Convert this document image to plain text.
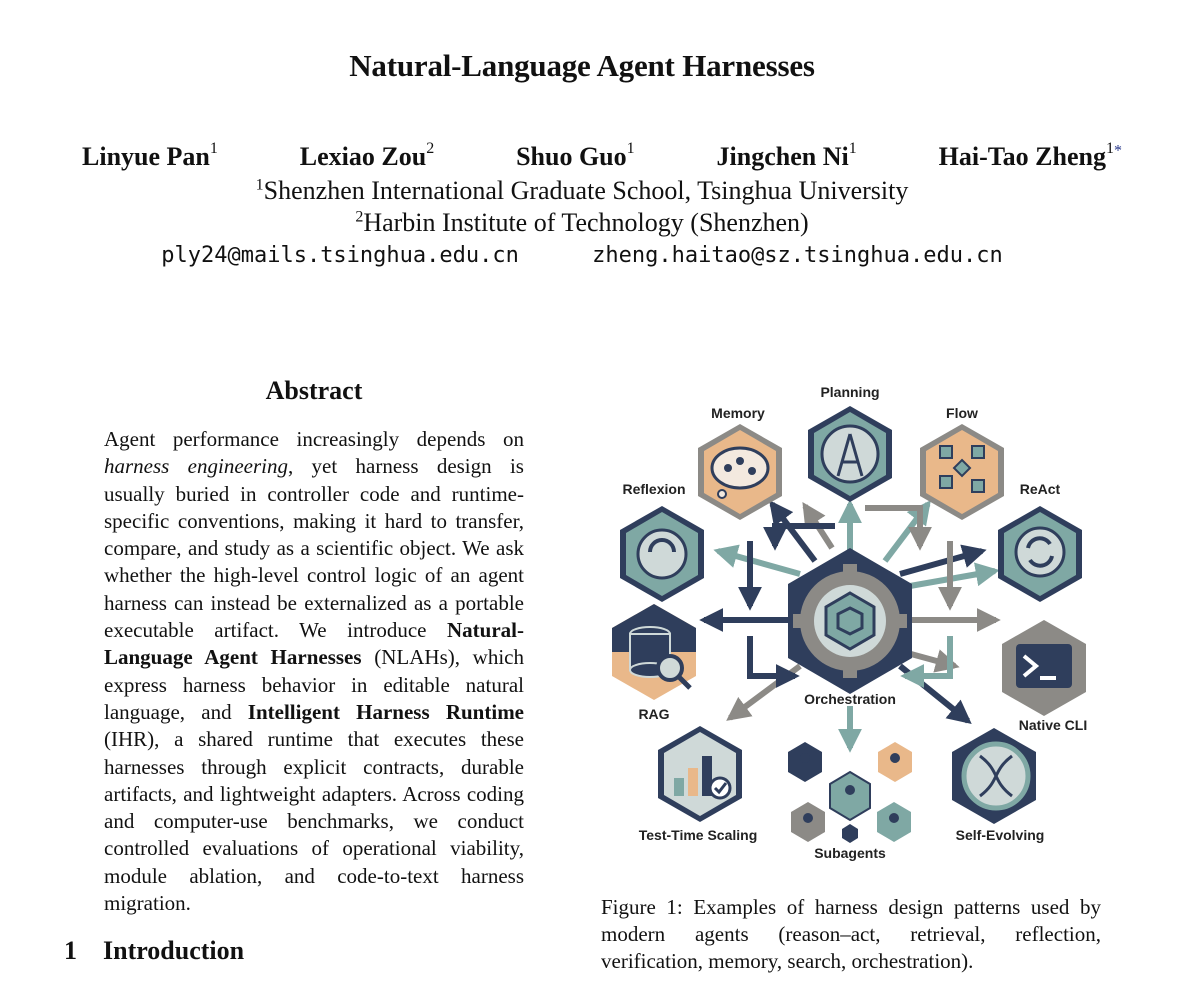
Natural-Language Agent Harnesses
Linyue Pan$^1$	Lexiao Zou$^2$	Shuo Guo$^1$	Jingchen Ni$^1$	Hai-Tao Zheng$^{1*}$
$^1$Shenzhen International Graduate School, Tsinghua University
$^2$Harbin Institute of Technology (Shenzhen)
ply24@mails.tsinghua.edu.cn	zheng.haitao@sz.tsinghua.edu.cn
Abstract
Agent performance increasingly depends on harness engineering, yet harness design is usually buried in controller code and runtime-specific conventions, making it hard to transfer, compare, and study as a scientific object. We ask whether the high-level control logic of an agent harness can instead be externalized as a portable executable artifact. We introduce Natural-Language Agent Harnesses (NLAHs), which express harness behavior in editable natural language, and Intelligent Harness Runtime (IHR), a shared runtime that executes these harnesses through explicit contracts, durable artifacts, and lightweight adapters. Across coding and computer-use benchmarks, we conduct controlled evaluations of operational viability, module ablation, and code-to-text harness migration.
1 Introduction
Orchestration
Planning
Memory	Flow
Reflexion	ReAct
RAG
Native CLI
Test-Time Scaling
Subagents
Self-Evolving
Figure 1: Examples of harness design patterns used by modern agents (reason–act, retrieval, reflection, verification, memory, search, orchestration).
